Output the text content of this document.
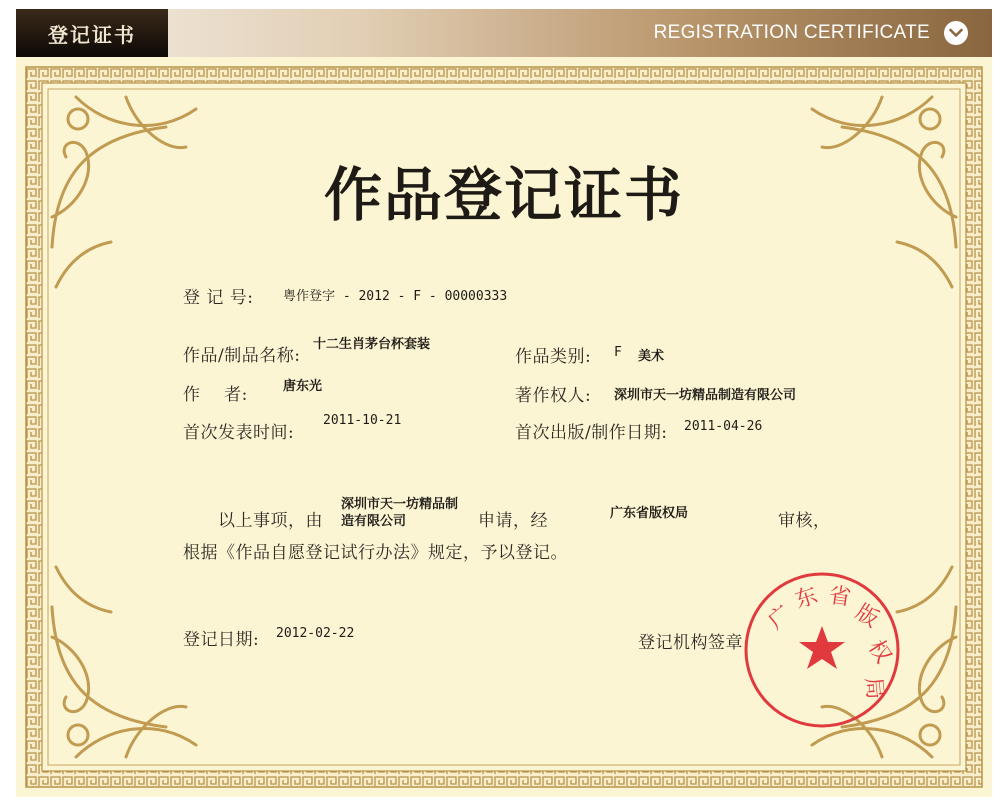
登记证书	REGISTRATION CERTIFICATE
作品登记证书
登 记 号: 粤作登字 - 2012 - F - 00000333
作品/制品名称:
十二生肖茅台杯套装
作品类别: F 美术
作    者:	唐东光	著作权人: 深圳市天一坊精品制造有限公司
首次发表时间:
2011-10-21
首次出版/制作日期: 2011-04-26
以上事项，由
深圳市天一坊精品制
造有限公司	申请，经	广东省版权局	审核，
根据《作品自愿登记试行办法》规定，予以登记。
登记日期: 2012-02-22	登记机构签章
广
东 省
版
权
局
